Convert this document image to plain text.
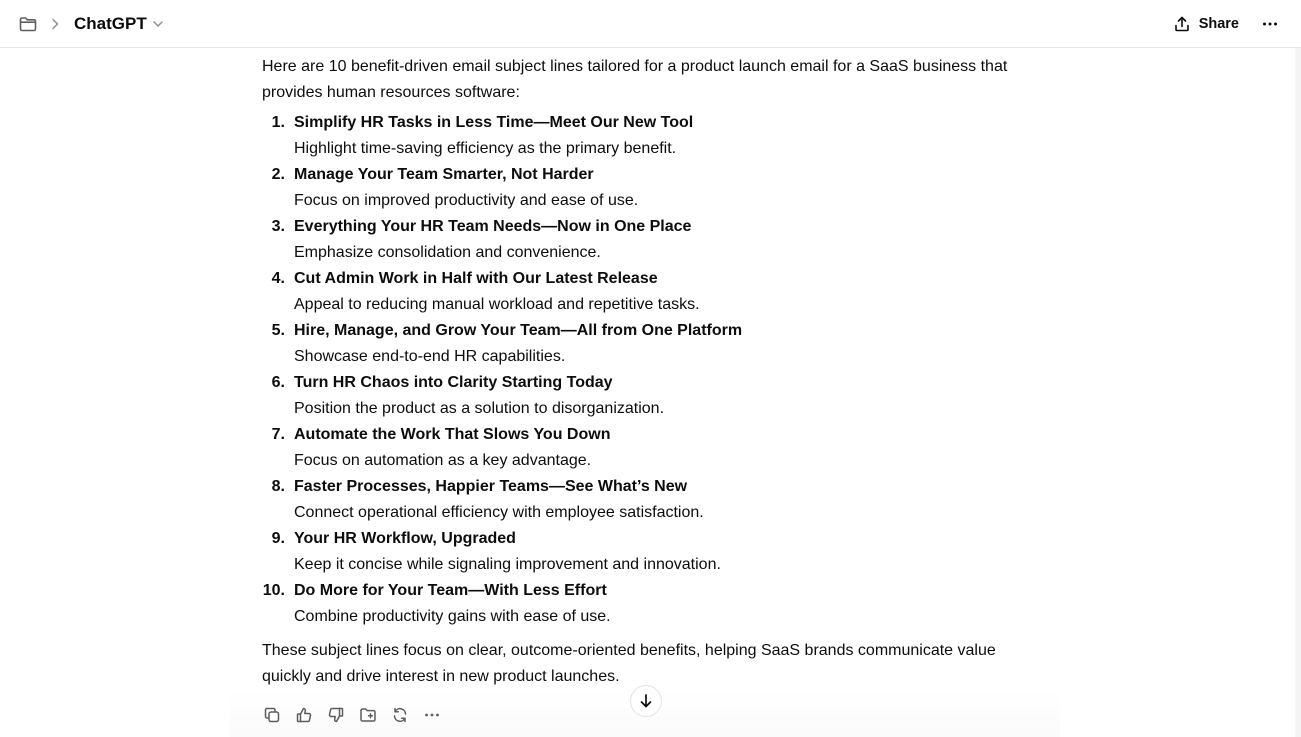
ChatGPT	Share

Here are 10 benefit-driven email subject lines tailored for a product launch email for a SaaS business that provides human resources software:

1. Simplify HR Tasks in Less Time—Meet Our New Tool
Highlight time-saving efficiency as the primary benefit.
2. Manage Your Team Smarter, Not Harder
Focus on improved productivity and ease of use.
3. Everything Your HR Team Needs—Now in One Place
Emphasize consolidation and convenience.
4. Cut Admin Work in Half with Our Latest Release
Appeal to reducing manual workload and repetitive tasks.
5. Hire, Manage, and Grow Your Team—All from One Platform
Showcase end-to-end HR capabilities.
6. Turn HR Chaos into Clarity Starting Today
Position the product as a solution to disorganization.
7. Automate the Work That Slows You Down
Focus on automation as a key advantage.
8. Faster Processes, Happier Teams—See What’s New
Connect operational efficiency with employee satisfaction.
9. Your HR Workflow, Upgraded
Keep it concise while signaling improvement and innovation.
10. Do More for Your Team—With Less Effort
Combine productivity gains with ease of use.

These subject lines focus on clear, outcome-oriented benefits, helping SaaS brands communicate value quickly and drive interest in new product launches.
